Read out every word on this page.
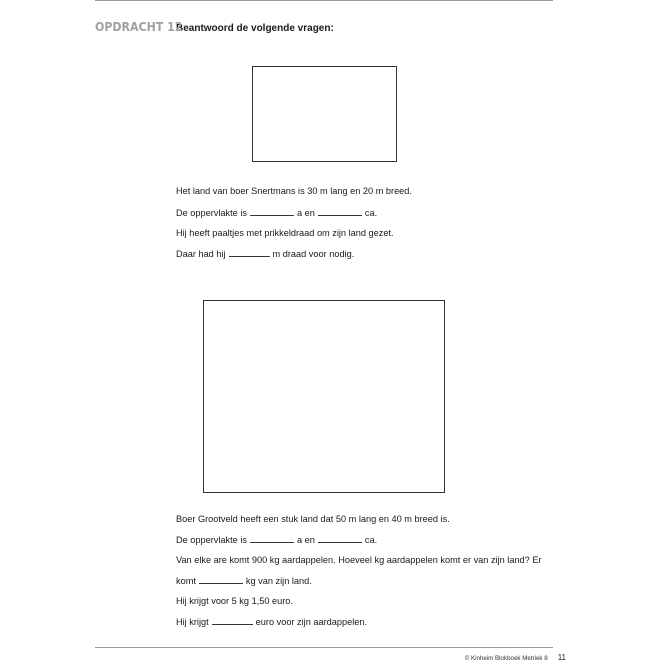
OPDRACHT 12
Beantwoord de volgende vragen:
Het land van boer Snertmans is 30 m lang en 20 m breed.
De oppervlakte is	a en	ca.
Hij heeft paaltjes met prikkeldraad om zijn land gezet.
Daar had hij	m draad voor nodig.
Boer Grootveld heeft een stuk land dat 50 m lang en 40 m breed is.
De oppervlakte is	a en	ca.
Van elke are komt 900 kg aardappelen. Hoeveel kg aardappelen komt er van zijn land? Er
komt	kg van zijn land.
Hij krijgt voor 5 kg 1,50 euro.
Hij krijgt	euro voor zijn aardappelen.
© Kinheim Blokboek Metriek 8 11
